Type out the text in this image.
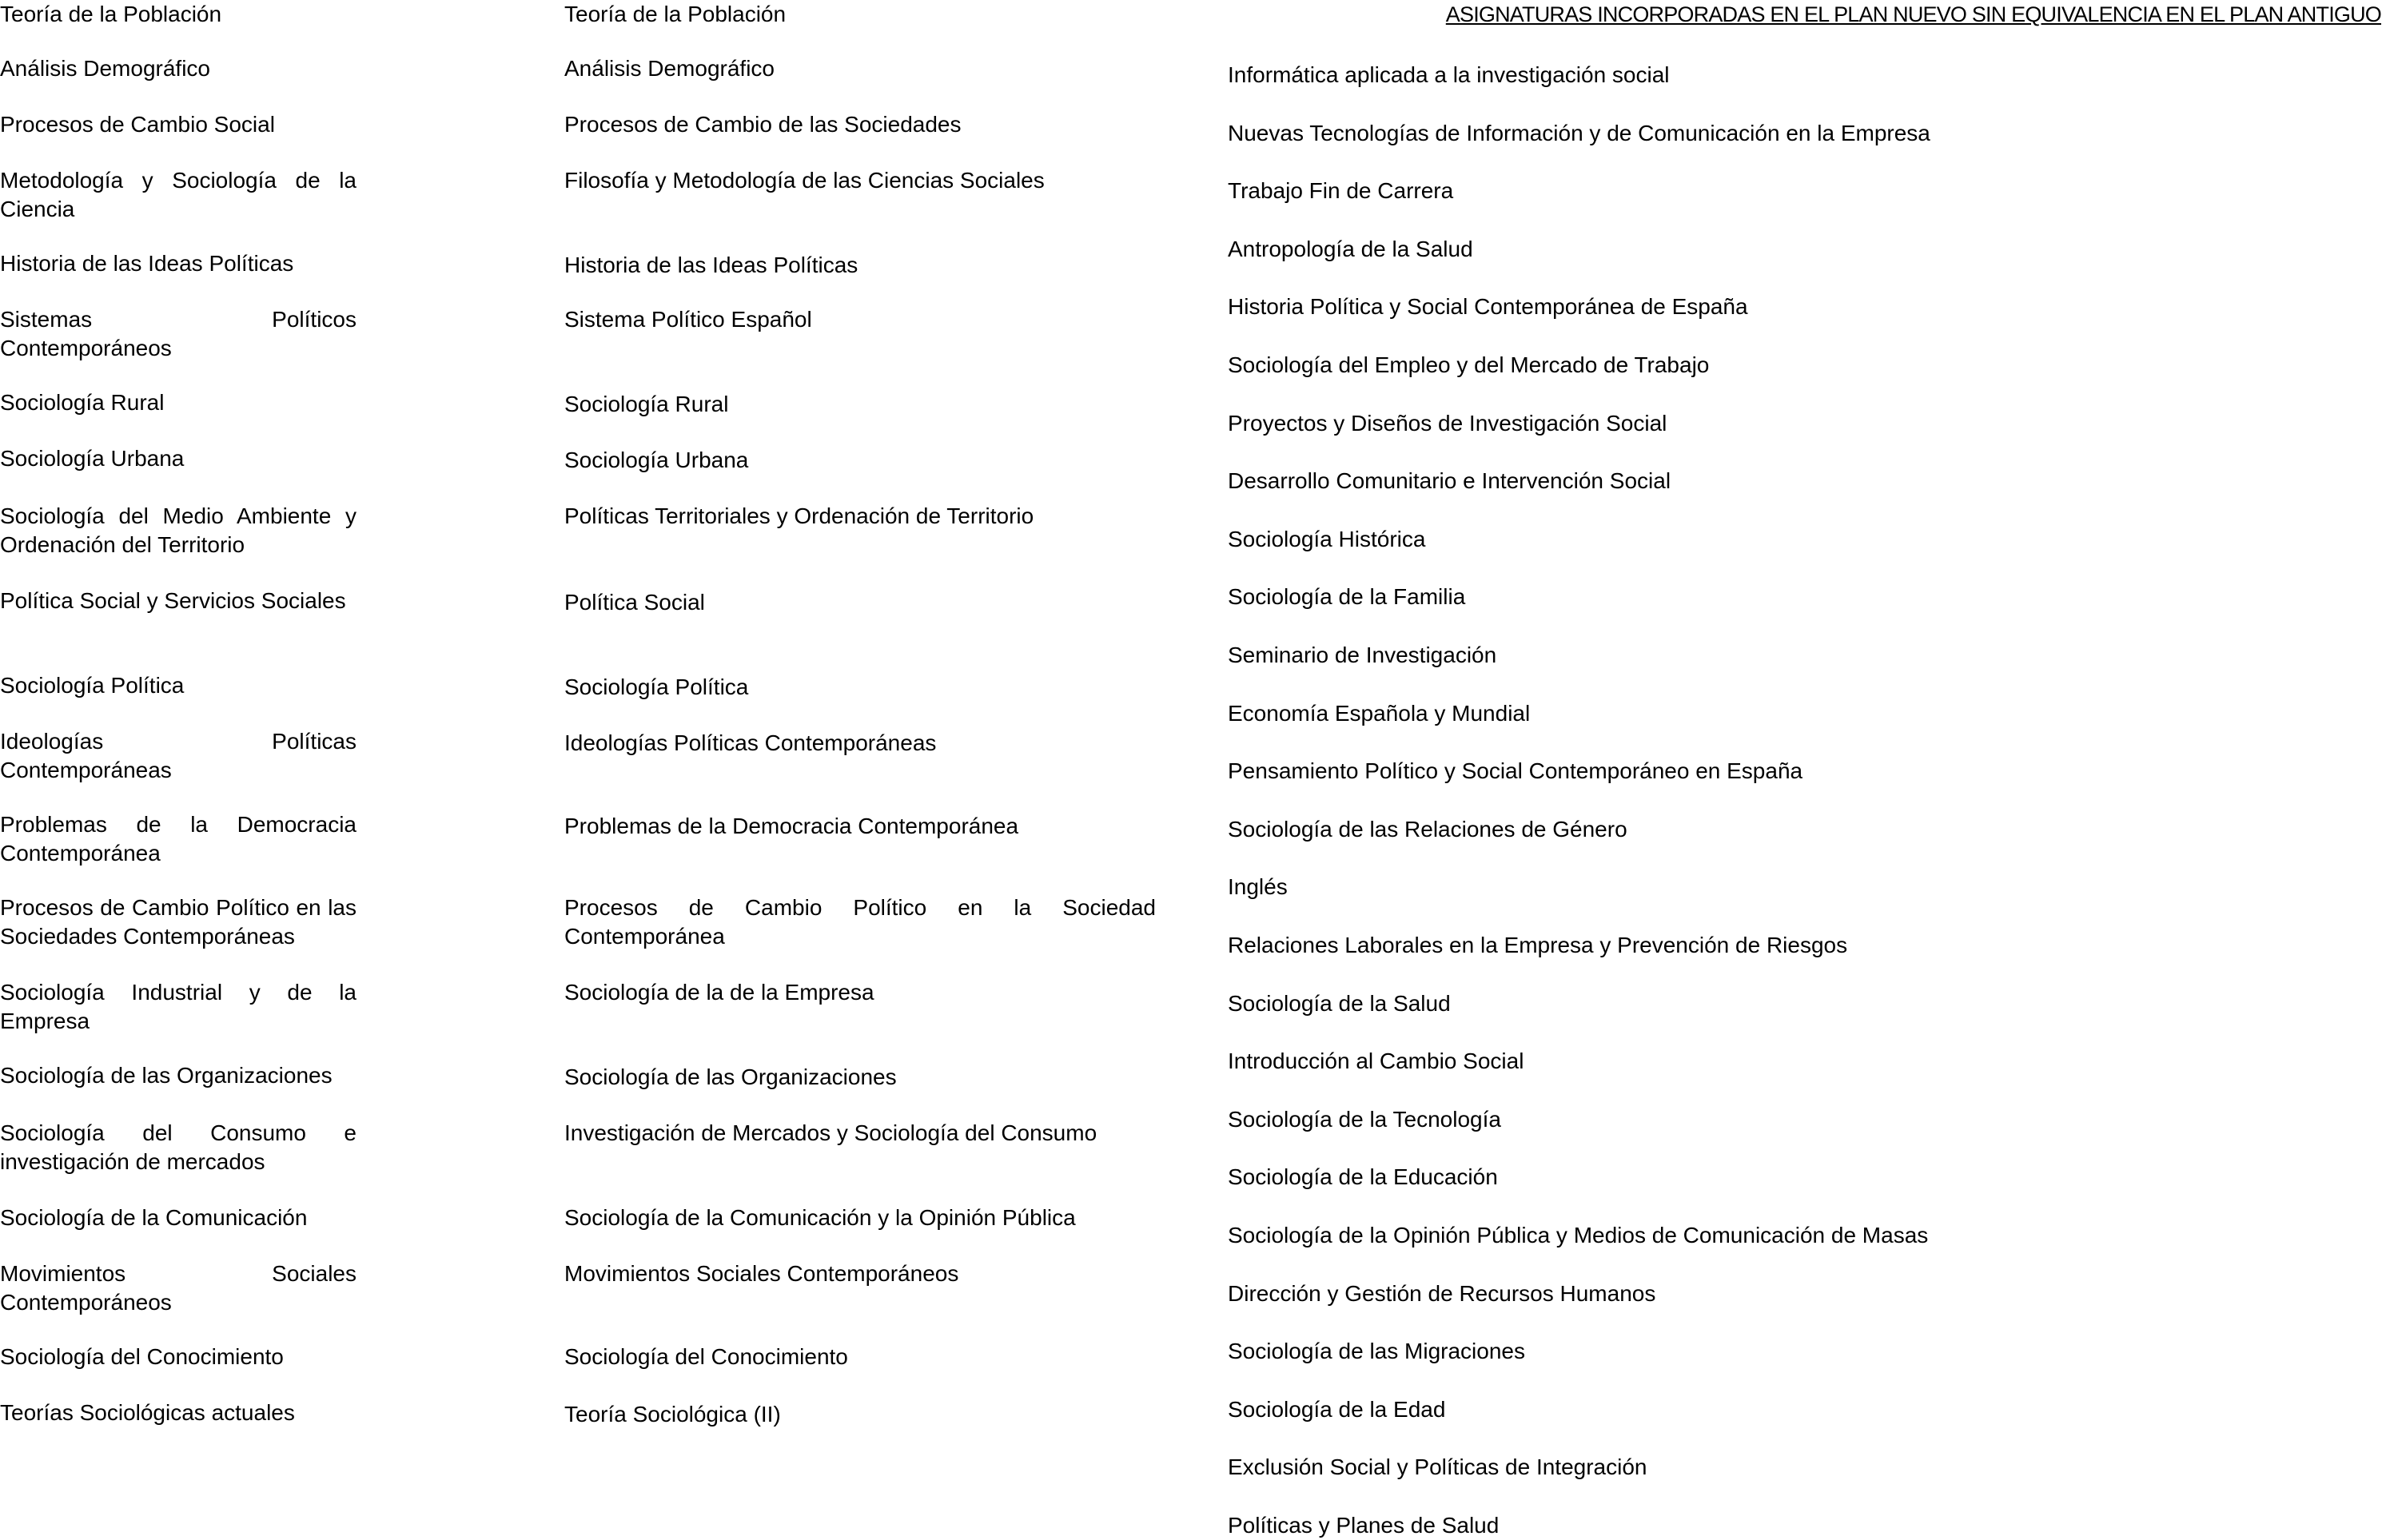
Teoría de la Población
Análisis Demográfico
Procesos de Cambio Social
Metodología y Sociología de la Ciencia
Historia de las Ideas Políticas
Sistemas Políticos Contemporáneos
Sociología Rural
Sociología Urbana
Sociología del Medio Ambiente y Ordenación del Territorio
Política Social y Servicios Sociales
Sociología Política
Ideologías Políticas Contemporáneas
Problemas de la Democracia Contemporánea
Procesos de Cambio Político en las Sociedades Contemporáneas
Sociología Industrial y de la Empresa
Sociología de las Organizaciones
Sociología del Consumo e investigación de mercados
Sociología de la Comunicación
Movimientos Sociales Contemporáneos
Sociología del Conocimiento
Teorías Sociológicas actuales
Teoría de la Población
Análisis Demográfico
Procesos de Cambio de las Sociedades
Filosofía y Metodología de las Ciencias Sociales
Historia de las Ideas Políticas
Sistema Político Español
Sociología Rural
Sociología Urbana
Políticas Territoriales y Ordenación de Territorio
Política Social
Sociología Política
Ideologías Políticas Contemporáneas
Problemas de la Democracia Contemporánea
Procesos de Cambio Político en la Sociedad Contemporánea
Sociología de la de la Empresa
Sociología de las Organizaciones
Investigación de Mercados y Sociología del Consumo
Sociología de la Comunicación y la Opinión Pública
Movimientos Sociales Contemporáneos
Sociología del Conocimiento
Teoría Sociológica (II)
ASIGNATURAS INCORPORADAS EN EL PLAN NUEVO SIN EQUIVALENCIA EN EL PLAN ANTIGUO
Informática aplicada a la investigación social
Nuevas Tecnologías de Información y de Comunicación en la Empresa
Trabajo Fin de Carrera
Antropología de la Salud
Historia Política y Social Contemporánea de España
Sociología del Empleo y del Mercado de Trabajo
Proyectos y Diseños de Investigación Social
Desarrollo Comunitario e Intervención Social
Sociología Histórica
Sociología de la Familia
Seminario de Investigación
Economía Española y Mundial
Pensamiento Político y Social Contemporáneo en España
Sociología de las Relaciones de Género
Inglés
Relaciones Laborales en la Empresa y Prevención de Riesgos
Sociología de la Salud
Introducción al Cambio Social
Sociología de la Tecnología
Sociología de la Educación
Sociología de la Opinión Pública y Medios de Comunicación de Masas
Dirección y Gestión de Recursos Humanos
Sociología de las Migraciones
Sociología de la Edad
Exclusión Social y Políticas de Integración
Políticas y Planes de Salud
